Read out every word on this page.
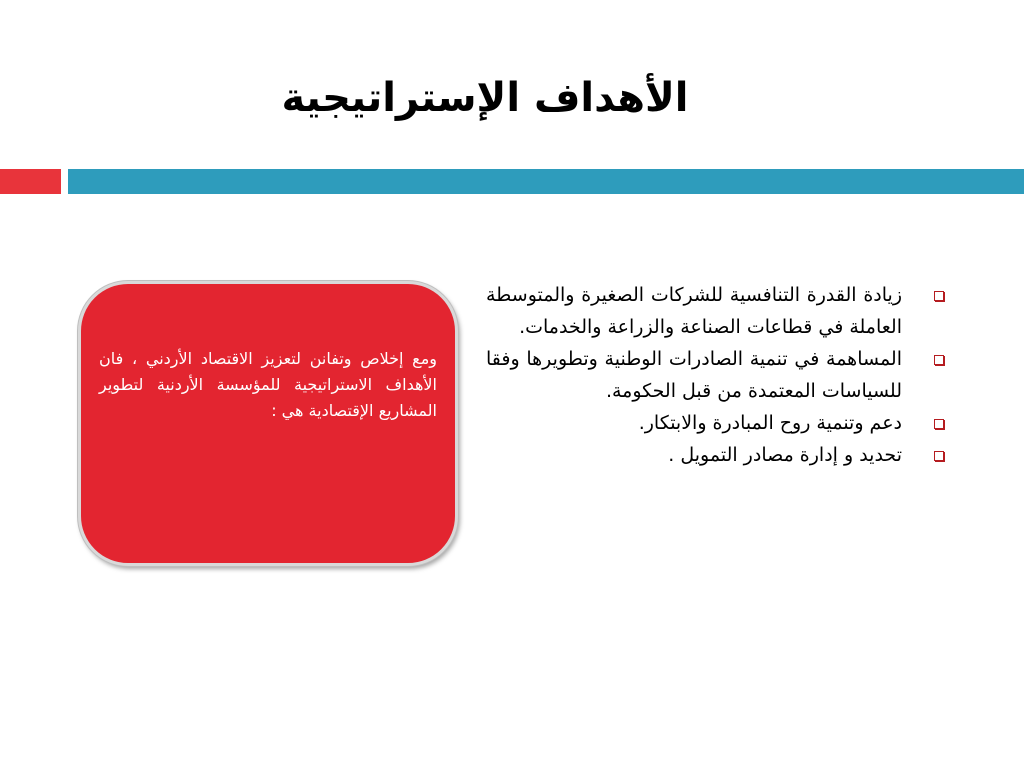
الأهداف الإستراتيجية
ومع إخلاص وتفانن لتعزيز الاقتصاد الأردني ، فان الأهداف الاستراتيجية للمؤسسة الأردنية لتطوير المشاريع الإقتصادية هي :
زيادة القدرة التنافسية للشركات الصغيرة والمتوسطة العاملة في قطاعات الصناعة والزراعة والخدمات.
المساهمة في تنمية الصادرات الوطنية وتطويرها وفقا للسياسات المعتمدة من قبل الحكومة.
دعم وتنمية روح المبادرة والابتكار.
تحديد و إدارة مصادر التمويل .
